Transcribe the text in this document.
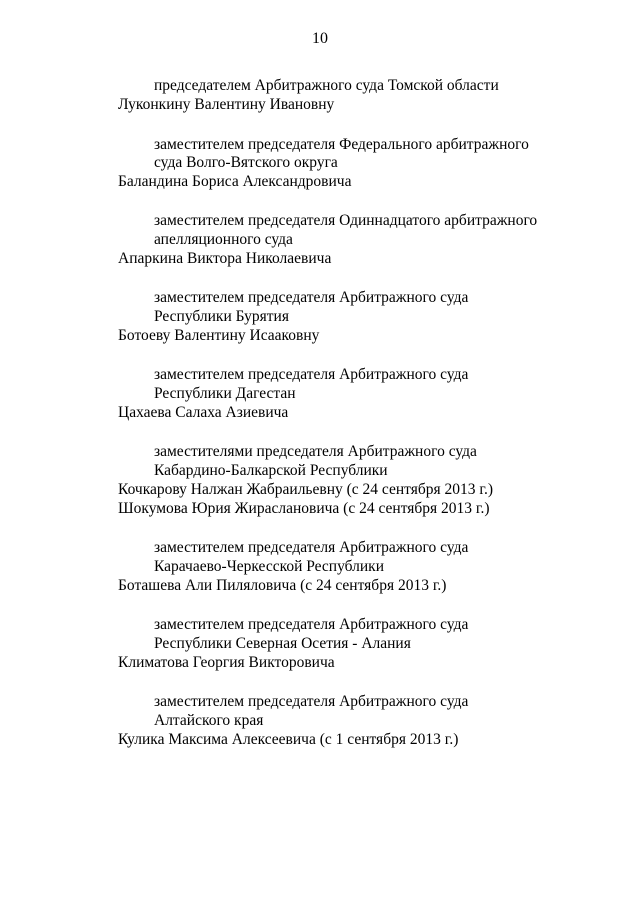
10
председателем Арбитражного суда Томской области
Луконкину Валентину Ивановну
заместителем председателя Федерального арбитражного
суда Волго-Вятского округа
Баландина Бориса Александровича
заместителем председателя Одиннадцатого арбитражного
апелляционного суда
Апаркина Виктора Николаевича
заместителем председателя Арбитражного суда
Республики Бурятия
Ботоеву Валентину Исааковну
заместителем председателя Арбитражного суда
Республики Дагестан
Цахаева Салаха Азиевича
заместителями председателя Арбитражного суда
Кабардино-Балкарской Республики
Кочкарову Налжан Жабраильевну (с 24 сентября 2013 г.)
Шокумова Юрия Жираслановича (с 24 сентября 2013 г.)
заместителем председателя Арбитражного суда
Карачаево-Черкесской Республики
Боташева Али Пиляловича (с 24 сентября 2013 г.)
заместителем председателя Арбитражного суда
Республики Северная Осетия - Алания
Климатова Георгия Викторовича
заместителем председателя Арбитражного суда
Алтайского края
Кулика Максима Алексеевича (с 1 сентября 2013 г.)
